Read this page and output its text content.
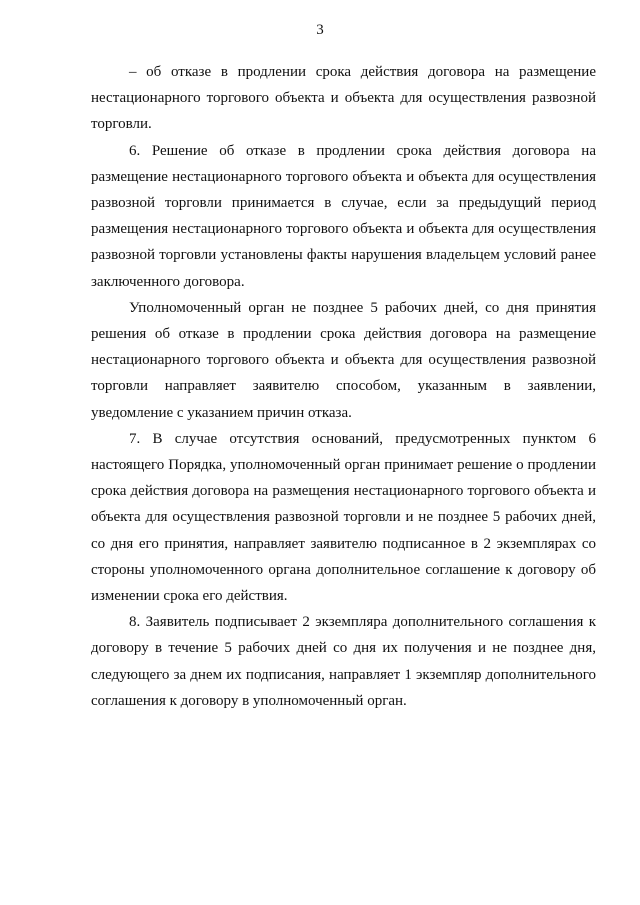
3

– об отказе в продлении срока действия договора на размещение нестационарного торгового объекта и объекта для осуществления развозной торговли.

6. Решение об отказе в продлении срока действия договора на размещение нестационарного торгового объекта и объекта для осуществления развозной торговли принимается в случае, если за предыдущий период размещения нестационарного торгового объекта и объекта для осуществления развозной торговли установлены факты нарушения владельцем условий ранее заключенного договора.

Уполномоченный орган не позднее 5 рабочих дней, со дня принятия решения об отказе в продлении срока действия договора на размещение нестационарного торгового объекта и объекта для осуществления развозной торговли направляет заявителю способом, указанным в заявлении, уведомление с указанием причин отказа.

7. В случае отсутствия оснований, предусмотренных пунктом 6 настоящего Порядка, уполномоченный орган принимает решение о продлении срока действия договора на размещения нестационарного торгового объекта и объекта для осуществления развозной торговли и не позднее 5 рабочих дней, со дня его принятия, направляет заявителю подписанное в 2 экземплярах со стороны уполномоченного органа дополнительное соглашение к договору об изменении срока его действия.

8. Заявитель подписывает 2 экземпляра дополнительного соглашения к договору в течение 5 рабочих дней со дня их получения и не позднее дня, следующего за днем их подписания, направляет 1 экземпляр дополнительного соглашения к договору в уполномоченный орган.
